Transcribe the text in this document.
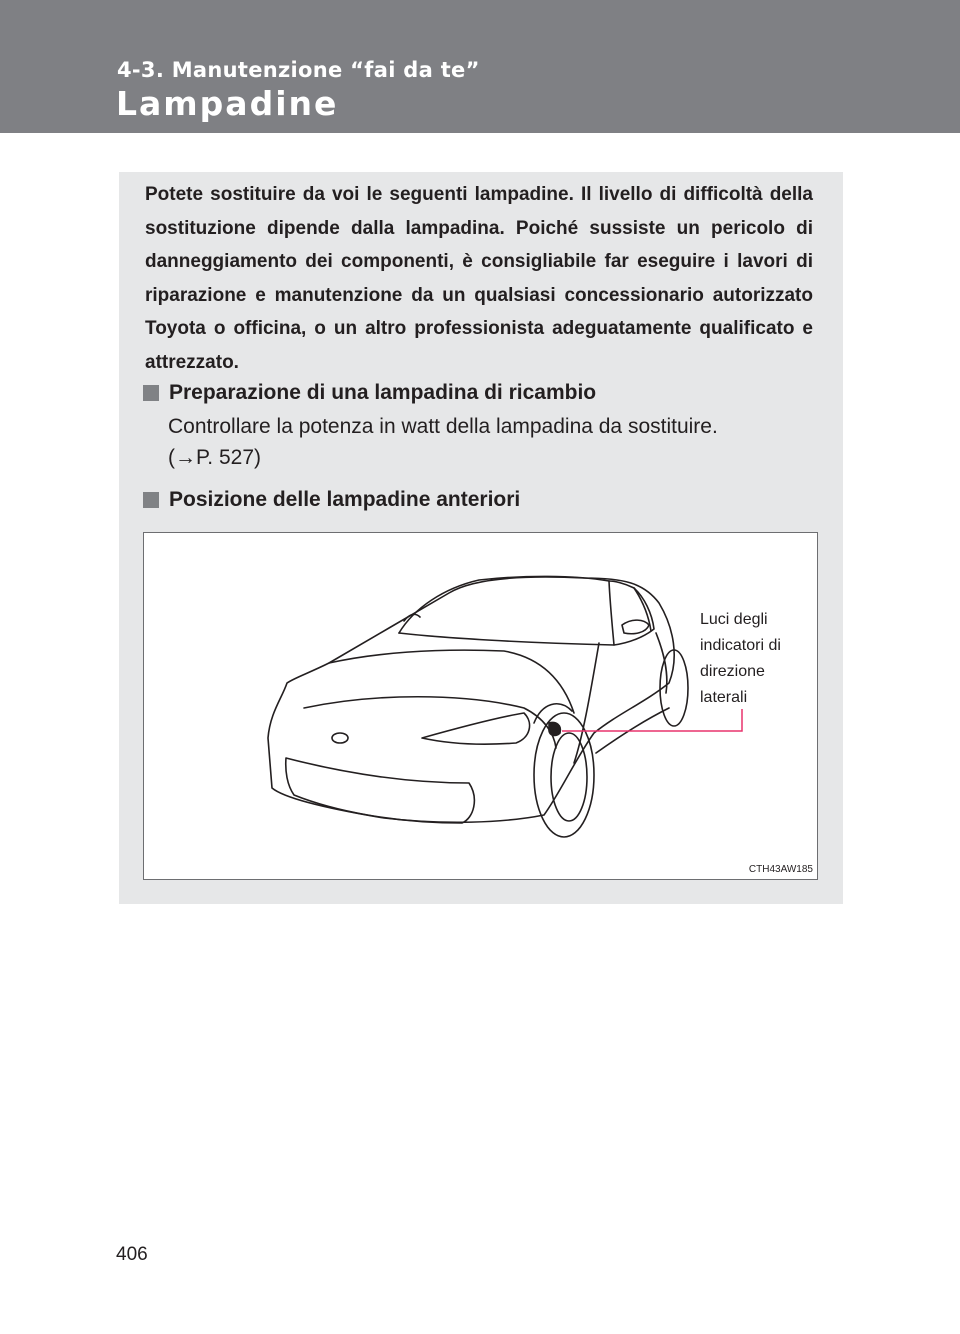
4-3. Manutenzione “fai da te”
Lampadine

Potete sostituire da voi le seguenti lampadine. Il livello di difficoltà della sostituzione dipende dalla lampadina. Poiché sussiste un pericolo di danneggiamento dei componenti, è consigliabile far eseguire i lavori di riparazione e manutenzione da un qualsiasi concessionario autorizzato Toyota o officina, o un altro professionista adeguatamente qualificato e attrezzato.

Preparazione di una lampadina di ricambio
Controllare la potenza in watt della lampadina da sostituire.
(→P. 527)
Posizione delle lampadine anteriori
Luci degli
indicatori di
direzione
laterali
CTH43AW185
406
